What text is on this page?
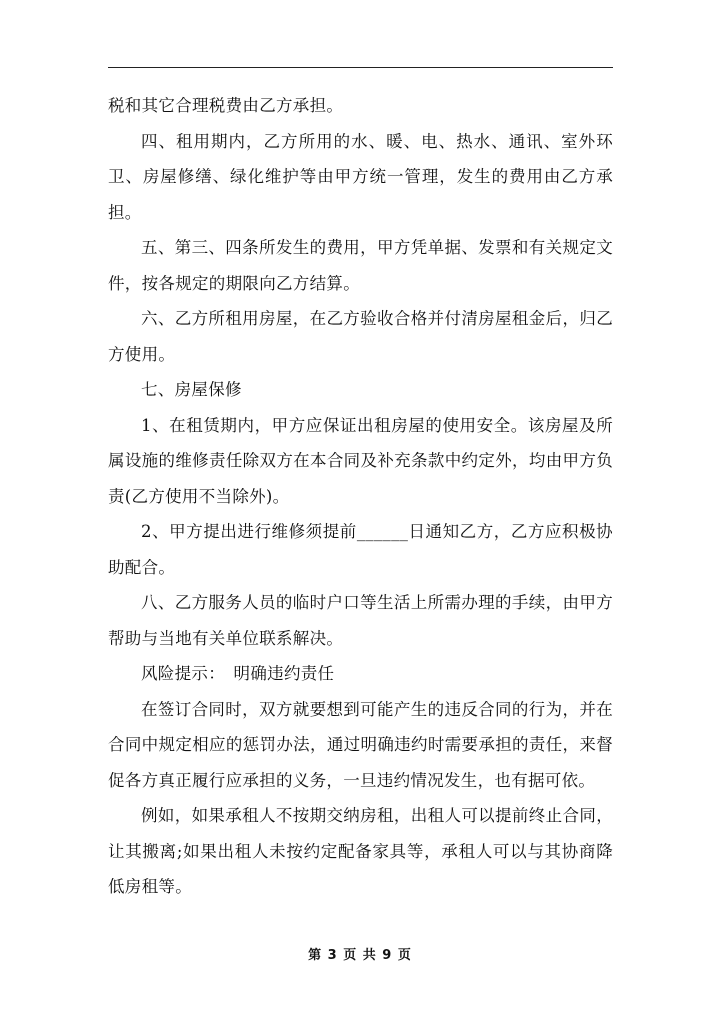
税和其它合理税费由乙方承担。

四、租用期内，乙方所用的水、暖、电、热水、通讯、室外环卫、房屋修缮、绿化维护等由甲方统一管理，发生的费用由乙方承担。

五、第三、四条所发生的费用，甲方凭单据、发票和有关规定文件，按各规定的期限向乙方结算。

六、乙方所租用房屋，在乙方验收合格并付清房屋租金后，归乙方使用。

七、房屋保修

1、在租赁期内，甲方应保证出租房屋的使用安全。该房屋及所属设施的维修责任除双方在本合同及补充条款中约定外，均由甲方负责(乙方使用不当除外)。

2、甲方提出进行维修须提前______日通知乙方，乙方应积极协助配合。

八、乙方服务人员的临时户口等生活上所需办理的手续，由甲方帮助与当地有关单位联系解决。

风险提示：　明确违约责任

在签订合同时，双方就要想到可能产生的违反合同的行为，并在合同中规定相应的惩罚办法，通过明确违约时需要承担的责任，来督促各方真正履行应承担的义务，一旦违约情况发生，也有据可依。

例如，如果承租人不按期交纳房租，出租人可以提前终止合同，让其搬离;如果出租人未按约定配备家具等，承租人可以与其协商降低房租等。

第 3 页 共 9 页
